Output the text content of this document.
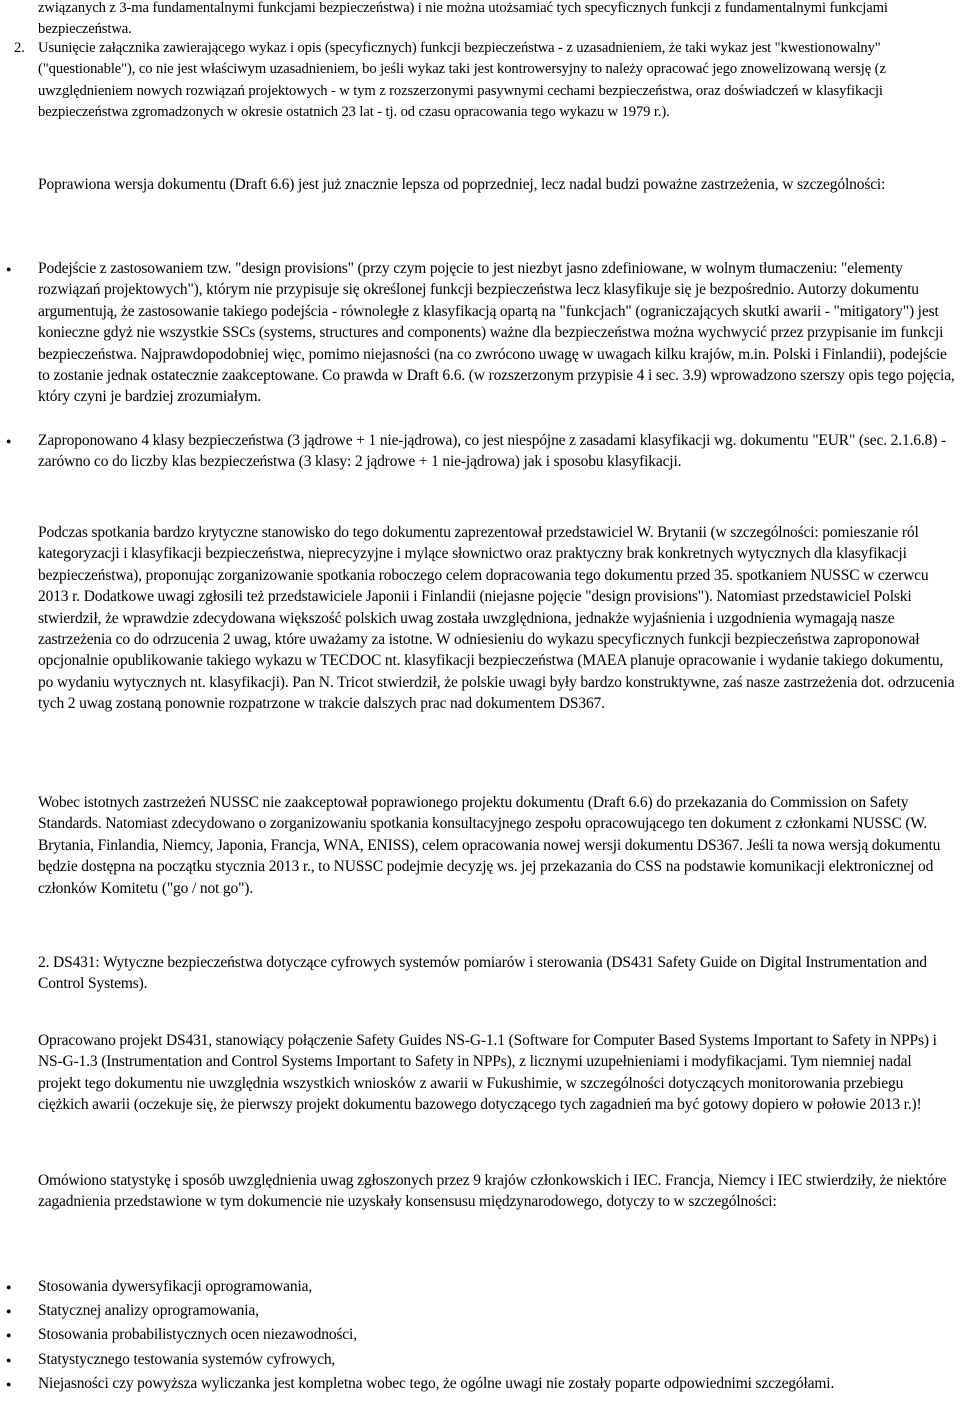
związanych z 3-ma fundamentalnymi funkcjami bezpieczeństwa) i nie można utożsamiać tych specyficznych funkcji z fundamentalnymi funkcjami bezpieczeństwa.

2. Usunięcie załącznika zawierającego wykaz i opis (specyficznych) funkcji bezpieczeństwa - z uzasadnieniem, że taki wykaz jest "kwestionowalny" ("questionable"), co nie jest właściwym uzasadnieniem, bo jeśli wykaz taki jest kontrowersyjny to należy opracować jego znowelizowaną wersję (z uwzględnieniem nowych rozwiązań projektowych - w tym z rozszerzonymi pasywnymi cechami bezpieczeństwa, oraz doświadczeń w klasyfikacji bezpieczeństwa zgromadzonych w okresie ostatnich 23 lat - tj. od czasu opracowania tego wykazu w 1979 r.).

Poprawiona wersja dokumentu (Draft 6.6) jest już znacznie lepsza od poprzedniej, lecz nadal budzi poważne zastrzeżenia, w szczególności:

●

Podejście z zastosowaniem tzw. "design provisions" (przy czym pojęcie to jest niezbyt jasno zdefiniowane, w wolnym tłumaczeniu: "elementy rozwiązań projektowych"), którym nie przypisuje się określonej funkcji bezpieczeństwa lecz klasyfikuje się je bezpośrednio. Autorzy dokumentu argumentują, że zastosowanie takiego podejścia - równoległe z klasyfikacją opartą na "funkcjach" (ograniczających skutki awarii - "mitigatory") jest konieczne gdyż nie wszystkie SSCs (systems, structures and components) ważne dla bezpieczeństwa można wychwycić przez przypisanie im funkcji bezpieczeństwa. Najprawdopodobniej więc, pomimo niejasności (na co zwrócono uwagę w uwagach kilku krajów, m.in. Polski i Finlandii), podejście to zostanie jednak ostatecznie zaakceptowane. Co prawda w Draft 6.6. (w rozszerzonym przypisie 4 i sec. 3.9) wprowadzono szerszy opis tego pojęcia, który czyni je bardziej zrozumiałym.

●

Zaproponowano 4 klasy bezpieczeństwa (3 jądrowe + 1 nie-jądrowa), co jest niespójne z zasadami klasyfikacji wg. dokumentu "EUR" (sec. 2.1.6.8) - zarówno co do liczby klas bezpieczeństwa (3 klasy: 2 jądrowe + 1 nie-jądrowa) jak i sposobu klasyfikacji.

Podczas spotkania bardzo krytyczne stanowisko do tego dokumentu zaprezentował przedstawiciel W. Brytanii (w szczególności: pomieszanie ról kategoryzacji i klasyfikacji bezpieczeństwa, nieprecyzyjne i mylące słownictwo oraz praktyczny brak konkretnych wytycznych dla klasyfikacji bezpieczeństwa), proponując zorganizowanie spotkania roboczego celem dopracowania tego dokumentu przed 35. spotkaniem NUSSC w czerwcu 2013 r. Dodatkowe uwagi zgłosili też przedstawiciele Japonii i Finlandii (niejasne pojęcie "design provisions"). Natomiast przedstawiciel Polski stwierdził, że wprawdzie zdecydowana większość polskich uwag została uwzględniona, jednakże wyjaśnienia i uzgodnienia wymagają nasze zastrzeżenia co do odrzucenia 2 uwag, które uważamy za istotne. W odniesieniu do wykazu specyficznych funkcji bezpieczeństwa zaproponował opcjonalnie opublikowanie takiego wykazu w TECDOC nt. klasyfikacji bezpieczeństwa (MAEA planuje opracowanie i wydanie takiego dokumentu, po wydaniu wytycznych nt. klasyfikacji). Pan N. Tricot stwierdził, że polskie uwagi były bardzo konstruktywne, zaś nasze zastrzeżenia dot. odrzucenia tych 2 uwag zostaną ponownie rozpatrzone w trakcie dalszych prac nad dokumentem DS367.

Wobec istotnych zastrzeżeń NUSSC nie zaakceptował poprawionego projektu dokumentu (Draft 6.6) do przekazania do Commission on Safety Standards. Natomiast zdecydowano o zorganizowaniu spotkania konsultacyjnego zespołu opracowującego ten dokument z członkami NUSSC (W. Brytania, Finlandia, Niemcy, Japonia, Francja, WNA, ENISS), celem opracowania nowej wersji dokumentu DS367. Jeśli ta nowa wersją dokumentu będzie dostępna na początku stycznia 2013 r., to NUSSC podejmie decyzję ws. jej przekazania do CSS na podstawie komunikacji elektronicznej od członków Komitetu ("go / not go").

2. DS431: Wytyczne bezpieczeństwa dotyczące cyfrowych systemów pomiarów i sterowania (DS431 Safety Guide on Digital Instrumentation and Control Systems).

Opracowano projekt DS431, stanowiący połączenie Safety Guides NS-G-1.1 (Software for Computer Based Systems Important to Safety in NPPs) i NS-G-1.3 (Instrumentation and Control Systems Important to Safety in NPPs), z licznymi uzupełnieniami i modyfikacjami. Tym niemniej nadal projekt tego dokumentu nie uwzględnia wszystkich wniosków z awarii w Fukushimie, w szczególności dotyczących monitorowania przebiegu ciężkich awarii (oczekuje się, że pierwszy projekt dokumentu bazowego dotyczącego tych zagadnień ma być gotowy dopiero w połowie 2013 r.)!

Omówiono statystykę i sposób uwzględnienia uwag zgłoszonych przez 9 krajów członkowskich i IEC. Francja, Niemcy i IEC stwierdziły, że niektóre zagadnienia przedstawione w tym dokumencie nie uzyskały konsensusu międzynarodowego, dotyczy to w szczególności:

●

Stosowania dywersyfikacji oprogramowania,

●

Statycznej analizy oprogramowania,

●

Stosowania probabilistycznych ocen niezawodności,

●

Statystycznego testowania systemów cyfrowych,

●

Niejasności czy powyższa wyliczanka jest kompletna wobec tego, że ogólne uwagi nie zostały poparte odpowiednimi szczegółami.
